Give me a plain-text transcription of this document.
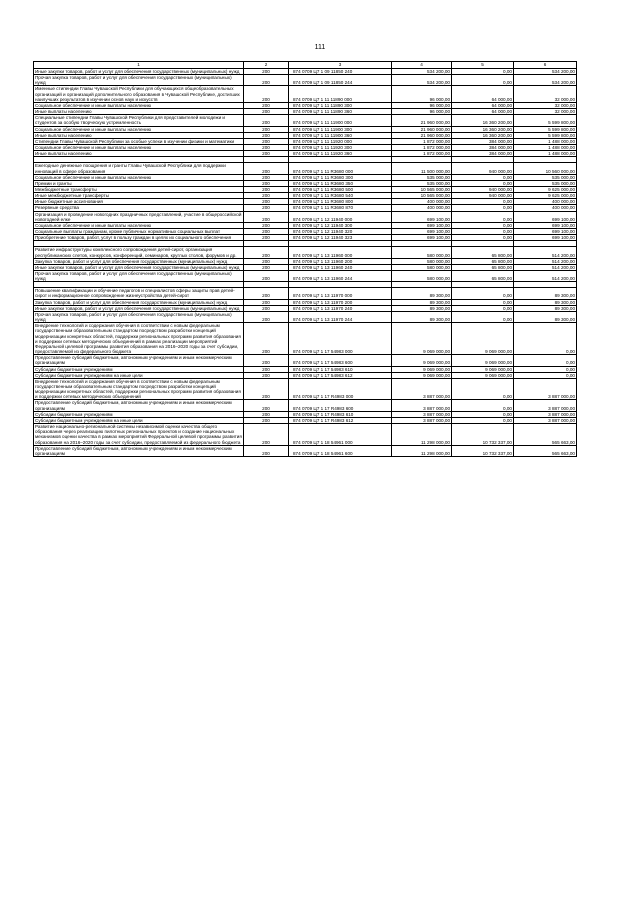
111
1	2	3	4	5	6
Иные закупки товаров, работ и услуг для обеспечения государственных (муниципальных) нужд	200	874 0709 Ц7 1 09 11850 240	534 200,00	0,00	534 200,00
Прочая закупка товаров, работ и услуг для обеспечения государственных (муниципальных) нужд	200	874 0709 Ц7 1 09 11850 244	534 200,00	0,00	534 200,00
Именные стипендии Главы Чувашской Республики для обучающихся общеобразовательных организаций и организаций дополнительного образования в Чувашской Республике, достигших наилучших результатов в изучении основ наук и искусств	200	874 0709 Ц7 1 11 11890 000	96 000,00	64 000,00	32 000,00
Социальное обеспечение и иные выплаты населению	200	874 0709 Ц7 1 11 11890 300	96 000,00	64 000,00	32 000,00
Иные выплаты населению	200	874 0709 Ц7 1 11 11890 360	96 000,00	64 000,00	32 000,00
Специальные стипендии Главы Чувашской Республики для представителей молодежи и студентов за особую творческую устремленность	200	874 0709 Ц7 1 11 11900 000	21 960 000,00	16 360 200,00	5 599 800,00
Социальное обеспечение и иные выплаты населению	200	874 0709 Ц7 1 11 11900 300	21 960 000,00	16 360 200,00	5 599 800,00
Иные выплаты населению	200	874 0709 Ц7 1 11 11900 360	21 960 000,00	16 360 200,00	5 599 800,00
Стипендии Главы Чувашской Республики за особые успехи в изучении физики и математики	200	874 0709 Ц7 1 11 11920 000	1 872 000,00	384 000,00	1 488 000,00
Социальное обеспечение и иные выплаты населению	200	874 0709 Ц7 1 11 11920 300	1 872 000,00	384 000,00	1 488 000,00
Иные выплаты населению	200	874 0709 Ц7 1 11 11920 360	1 872 000,00	384 000,00	1 488 000,00

Ежегодные денежные поощрения и гранты Главы Чувашской Республики для поддержки инноваций в сфере образования	200	874 0709 Ц7 1 11 R3680 000	11 500 000,00	940 000,00	10 560 000,00
Социальное обеспечение и иные выплаты населению	200	874 0709 Ц7 1 11 R3680 300	535 000,00	0,00	535 000,00
Премии и гранты	200	874 0709 Ц7 1 11 R3680 350	535 000,00	0,00	535 000,00
Межбюджетные трансферты	200	874 0709 Ц7 1 11 R3680 500	10 565 000,00	940 000,00	9 625 000,00
Иные межбюджетные трансферты	200	874 0709 Ц7 1 11 R3680 540	10 565 000,00	940 000,00	9 625 000,00
Иные бюджетные ассигнования	200	874 0709 Ц7 1 11 R3680 800	400 000,00	0,00	400 000,00
Резервные средства	200	874 0709 Ц7 1 11 R3680 870	400 000,00	0,00	400 000,00
Организация и проведение новогодних праздничных представлений, участие в общероссийской новогодней елке	200	874 0709 Ц7 1 12 11940 000	699 100,00	0,00	699 100,00
Социальное обеспечение и иные выплаты населению	200	874 0709 Ц7 1 12 11940 300	699 100,00	0,00	699 100,00
Социальные выплаты гражданам, кроме публичных нормативных социальных выплат	200	874 0709 Ц7 1 12 11940 320	699 100,00	0,00	699 100,00
Приобретение товаров, работ, услуг в пользу граждан в целях их социального обеспечения	200	874 0709 Ц7 1 12 11940 323	699 100,00	0,00	699 100,00

Развитие инфраструктуры комплексного сопровождения детей-сирот, организация республиканских слетов, конкурсов, конференций, семинаров, круглых столов, форумов и др.	200	874 0709 Ц7 1 13 11960 000	580 000,00	65 800,00	514 200,00
Закупка товаров, работ и услуг для обеспечения государственных (муниципальных) нужд	200	874 0709 Ц7 1 13 11960 200	580 000,00	65 800,00	514 200,00
Иные закупки товаров, работ и услуг для обеспечения государственных (муниципальных) нужд	200	874 0709 Ц7 1 13 11960 240	580 000,00	65 800,00	514 200,00
Прочая закупка товаров, работ и услуг для обеспечения государственных (муниципальных) нужд	200	874 0709 Ц7 1 13 11960 244	580 000,00	65 800,00	514 200,00

Повышение квалификации и обучение педагогов и специалистов сферы защиты прав детей-сирот и информационное сопровождение жизнеустройства детей-сирот	200	874 0709 Ц7 1 13 11970 000	89 300,00	0,00	89 300,00
Закупка товаров, работ и услуг для обеспечения государственных (муниципальных) нужд	200	874 0709 Ц7 1 13 11970 200	89 300,00	0,00	89 300,00
Иные закупки товаров, работ и услуг для обеспечения государственных (муниципальных) нужд	200	874 0709 Ц7 1 13 11970 240	89 300,00	0,00	89 300,00
Прочая закупка товаров, работ и услуг для обеспечения государственных (муниципальных) нужд	200	874 0709 Ц7 1 13 11970 244	89 300,00	0,00	89 300,00
Внедрение технологий и содержания обучения в соответствии с новым федеральным государственным образовательным стандартом посредством разработки концепций модернизации конкретных областей, поддержки региональных программ развития образования и поддержки сетевых методических объединений в рамках реализации мероприятий Федеральной целевой программы развития образования на 2016–2020 годы за счет субсидии, предоставляемой из федерального бюджета	200	874 0709 Ц7 1 17 54983 000	9 069 000,00	9 069 000,00	0,00
Предоставление субсидий бюджетным, автономным учреждениям и иным некоммерческим организациям	200	874 0709 Ц7 1 17 54983 600	9 069 000,00	9 069 000,00	0,00
Субсидии бюджетным учреждениям	200	874 0709 Ц7 1 17 54983 610	9 069 000,00	9 069 000,00	0,00
Субсидии бюджетным учреждениям на иные цели	200	874 0709 Ц7 1 17 54983 612	9 069 000,00	9 069 000,00	0,00
Внедрение технологий и содержания обучения в соответствии с новым федеральным государственным образовательным стандартом посредством разработки концепций модернизации конкретных областей, поддержки региональных программ развития образования и поддержки сетевых методических объединений	200	874 0709 Ц7 1 17 R4983 000	3 887 000,00	0,00	3 887 000,00
Предоставление субсидий бюджетным, автономным учреждениям и иным некоммерческим организациям	200	874 0709 Ц7 1 17 R4983 600	3 887 000,00	0,00	3 887 000,00
Субсидии бюджетным учреждениям	200	874 0709 Ц7 1 17 R4983 610	3 887 000,00	0,00	3 887 000,00
Субсидии бюджетным учреждениям на иные цели	200	874 0709 Ц7 1 17 R4983 612	3 887 000,00	0,00	3 887 000,00
Развитие национально-региональной системы независимой оценки качества общего образования через реализацию пилотных региональных проектов и создание национальных механизмов оценки качества в рамках мероприятий Федеральной целевой программы развития образования на 2016–2020 годы за счет субсидии, предоставляемой из федерального бюджета	200	874 0709 Ц7 1 18 54961 000	11 298 000,00	10 732 337,00	565 663,00
Предоставление субсидий бюджетным, автономным учреждениям и иным некоммерческим организациям	200	874 0709 Ц7 1 18 54961 600	11 298 000,00	10 732 337,00	565 663,00
